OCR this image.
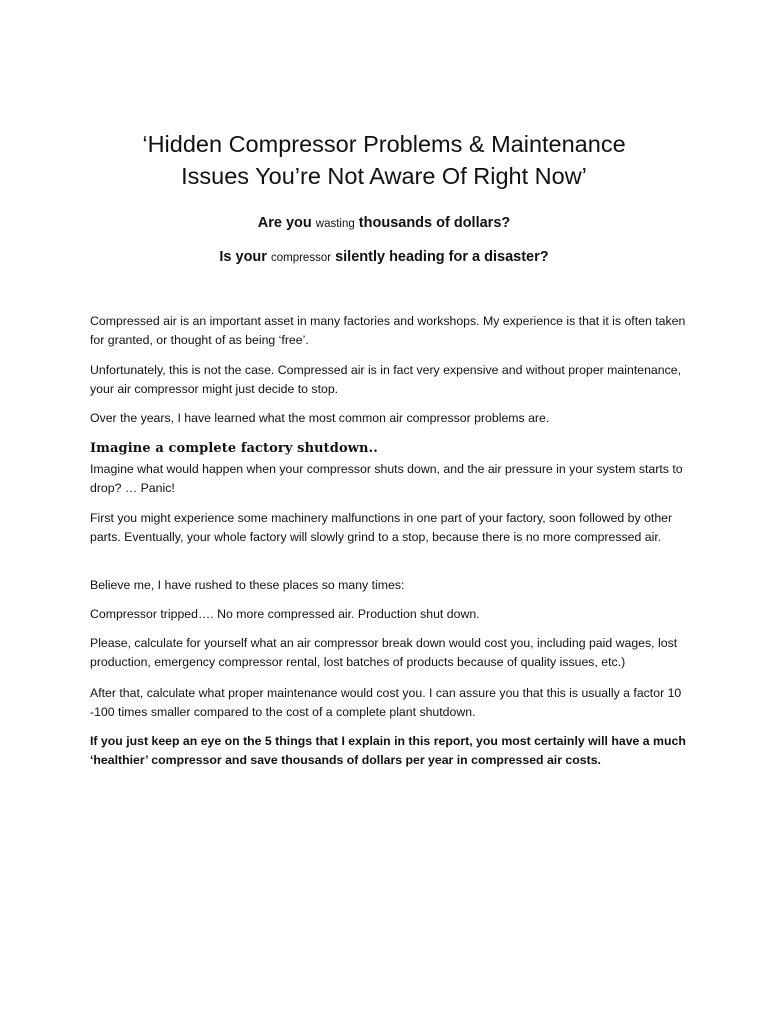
‘Hidden Compressor Problems & Maintenance
Issues You’re Not Aware Of Right Now’

Are you wasting thousands of dollars?

Is your compressor silently heading for a disaster?

Compressed air is an important asset in many factories and workshops. My experience is that it is often taken for granted, or thought of as being ‘free’.

Unfortunately, this is not the case. Compressed air is in fact very expensive and without proper maintenance, your air compressor might just decide to stop.

Over the years, I have learned what the most common air compressor problems are.

Imagine a complete factory shutdown..

Imagine what would happen when your compressor shuts down, and the air pressure in your system starts to drop? … Panic!

First you might experience some machinery malfunctions in one part of your factory, soon followed by other parts. Eventually, your whole factory will slowly grind to a stop, because there is no more compressed air.

Believe me, I have rushed to these places so many times:

Compressor tripped…. No more compressed air. Production shut down.

Please, calculate for yourself what an air compressor break down would cost you, including paid wages, lost production, emergency compressor rental, lost batches of products because of quality issues, etc.)

After that, calculate what proper maintenance would cost you. I can assure you that this is usually a factor 10 -100 times smaller compared to the cost of a complete plant shutdown.

If you just keep an eye on the 5 things that I explain in this report, you most certainly will have a much ‘healthier’ compressor and save thousands of dollars per year in compressed air costs.
